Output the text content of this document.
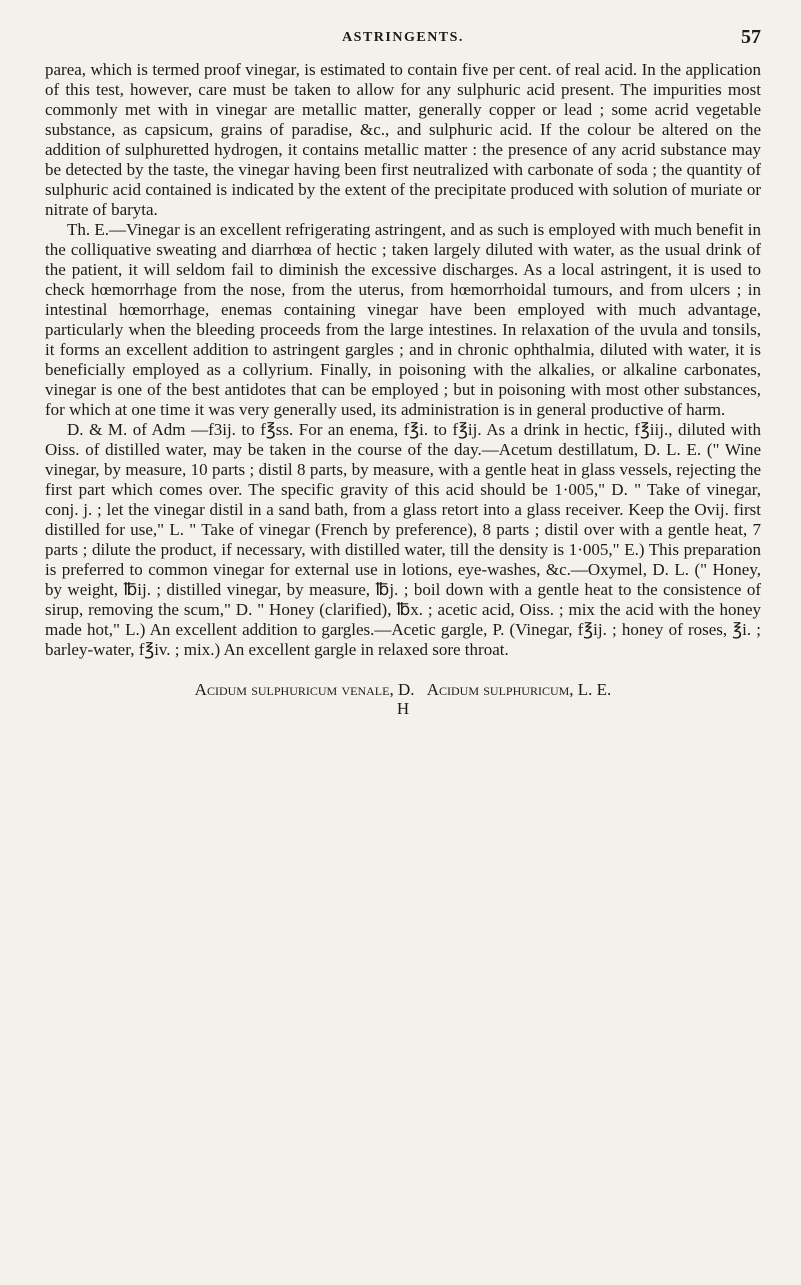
ASTRINGENTS.	57

parea, which is termed proof vinegar, is estimated to contain five per cent. of real acid. In the application of this test, however, care must be taken to allow for any sulphuric acid present. The impurities most commonly met with in vinegar are metallic matter, generally copper or lead ; some acrid vegetable substance, as capsicum, grains of paradise, &c., and sulphuric acid. If the colour be altered on the addition of sulphuretted hydrogen, it contains metallic matter : the presence of any acrid substance may be detected by the taste, the vinegar having been first neutralized with carbonate of soda ; the quantity of sulphuric acid contained is indicated by the extent of the precipitate produced with solution of muriate or nitrate of baryta.

Th. E.—Vinegar is an excellent refrigerating astringent, and as such is employed with much benefit in the colliquative sweating and diarrhœa of hectic ; taken largely diluted with water, as the usual drink of the patient, it will seldom fail to diminish the excessive discharges. As a local astringent, it is used to check hœmorrhage from the nose, from the uterus, from hœmorrhoidal tumours, and from ulcers ; in intestinal hœmorrhage, enemas containing vinegar have been employed with much advantage, particularly when the bleeding proceeds from the large intestines. In relaxation of the uvula and tonsils, it forms an excellent addition to astringent gargles ; and in chronic ophthalmia, diluted with water, it is beneficially employed as a collyrium. Finally, in poisoning with the alkalies, or alkaline carbonates, vinegar is one of the best antidotes that can be employed ; but in poisoning with most other substances, for which at one time it was very generally used, its administration is in general productive of harm.

D. & M. of Adm —f3ij. to f℥ss. For an enema, f℥i. to f℥ij. As a drink in hectic, f℥iij., diluted with Oiss. of distilled water, may be taken in the course of the day.—Acetum destillatum, D. L. E. (" Wine vinegar, by measure, 10 parts ; distil 8 parts, by measure, with a gentle heat in glass vessels, rejecting the first part which comes over. The specific gravity of this acid should be 1·005," D. " Take of vinegar, conj. j. ; let the vinegar distil in a sand bath, from a glass retort into a glass receiver. Keep the Ovij. first distilled for use," L. " Take of vinegar (French by preference), 8 parts ; distil over with a gentle heat, 7 parts ; dilute the product, if necessary, with distilled water, till the density is 1·005," E.) This preparation is preferred to common vinegar for external use in lotions, eye-washes, &c.—Oxymel, D. L. (" Honey, by weight, ℔ij. ; distilled vinegar, by measure, ℔j. ; boil down with a gentle heat to the consistence of sirup, removing the scum," D. " Honey (clarified), ℔x. ; acetic acid, Oiss. ; mix the acid with the honey made hot," L.) An excellent addition to gargles.—Acetic gargle, P. (Vinegar, f℥ij. ; honey of roses, ℥i. ; barley-water, f℥iv. ; mix.) An excellent gargle in relaxed sore throat.

Acidum sulphuricum venale, D. Acidum sulphuricum, L. E.
H
